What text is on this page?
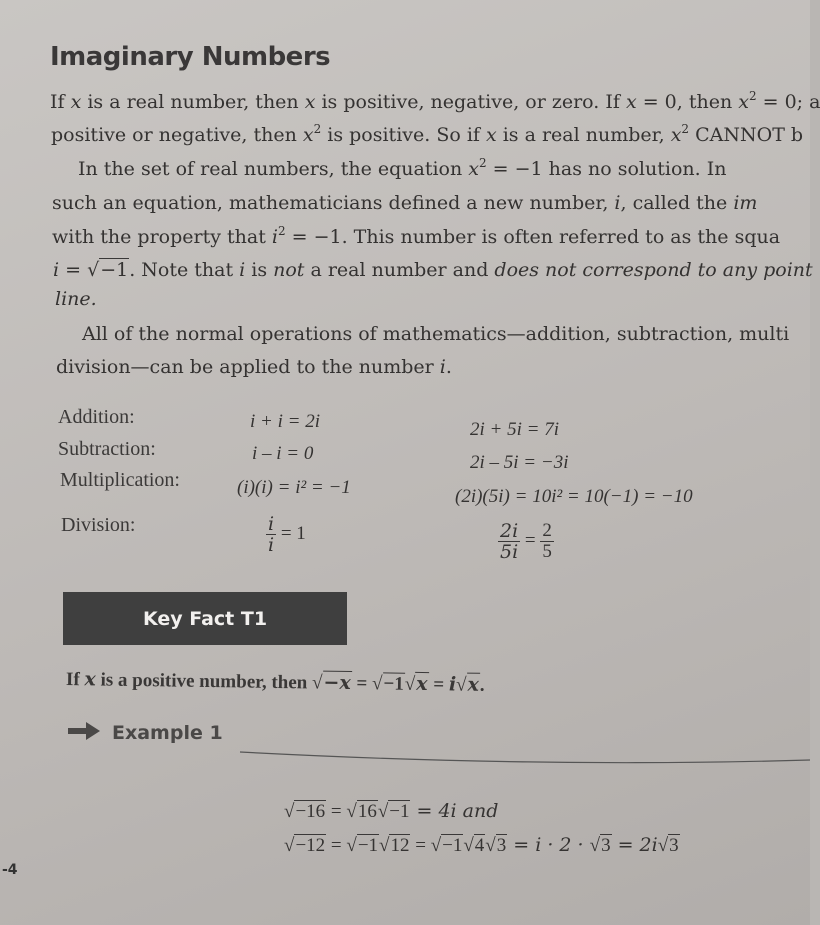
Imaginary Numbers
If x is a real number, then x is positive, negative, or zero. If x = 0, then $x^2 = 0$; a
positive or negative, then $x^2$ is positive. So if x is a real number, $x^2$ CANNOT b
In the set of real numbers, the equation $x^2 = -1$ has no solution. In
such an equation, mathematicians defined a new number, i, called the im
with the property that $i^2 = -1$. This number is often referred to as the squa
i = √−1. Note that i is not a real number and does not correspond to any point
line.
All of the normal operations of mathematics—addition, subtraction, multi
division—can be applied to the number i.
Addition:	i + i = 2i	2i + 5i = 7i
Subtraction:	i – i = 0	2i – 5i = −3i
Multiplication:	(i)(i) = i² = −1	(2i)(5i) = 10i² = 10(−1) = −10
Division:	$\frac{i}{i} = 1$	$\frac{2i}{5i} = \frac{2}{5}$
Key Fact T1
If x is a positive number, then √−x = √−1√x = i√x.
Example 1
√−16 = √16√−1 = 4i and
√−12 = √−1√12 = √−1√4√3 = i · 2 · √3 = 2i√3
-4
